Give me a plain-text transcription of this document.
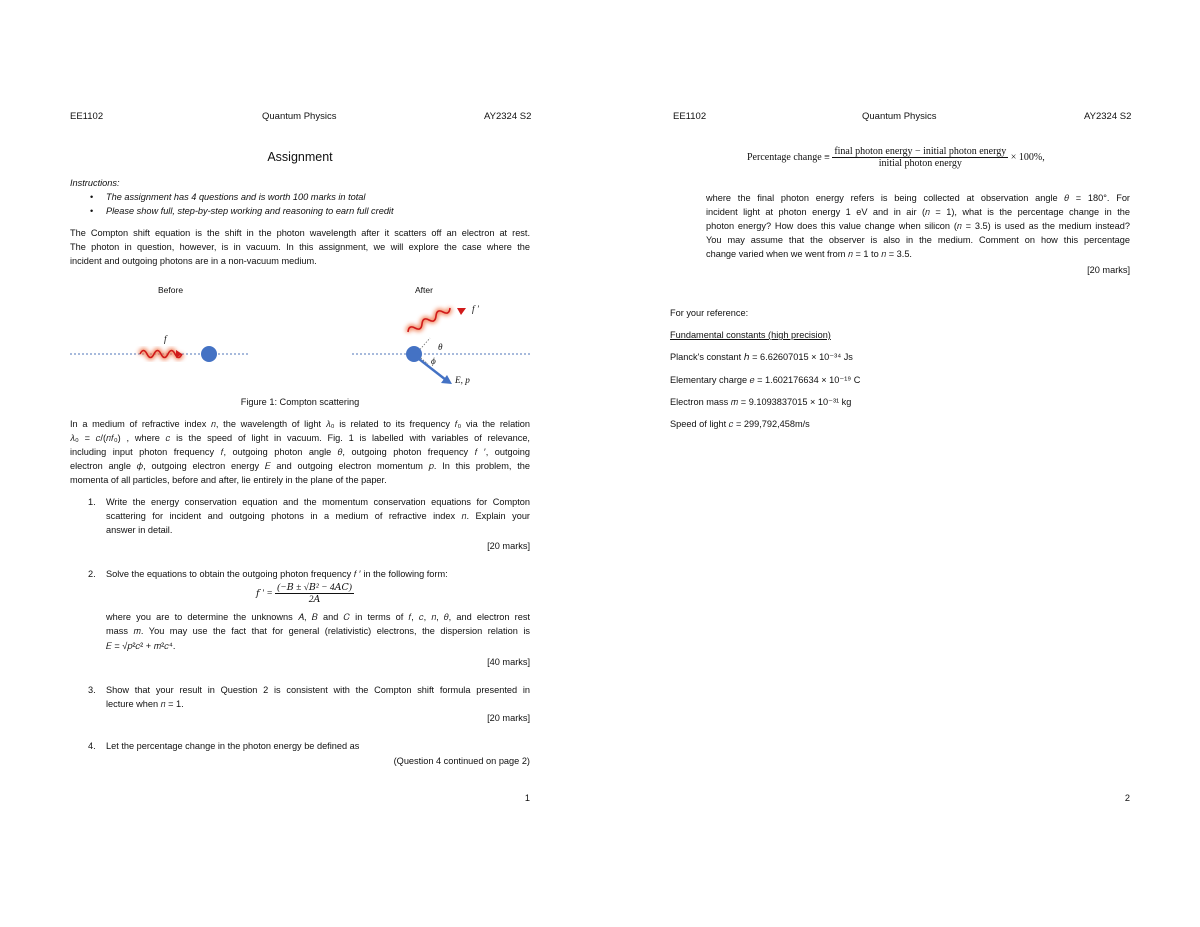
EE1102	Quantum Physics	AY2324 S2
Assignment
Instructions:
• The assignment has 4 questions and is worth 100 marks in total
• Please show full, step-by-step working and reasoning to earn full credit
The Compton shift equation is the shift in the photon wavelength after it scatters off an electron at rest.
The photon in question, however, is in vacuum. In this assignment, we will explore the case where the
incident and outgoing photons are in a non-vacuum medium.
Before	After
f
f ′
θ
ϕ
E, p
Figure 1: Compton scattering
In a medium of refractive index 𝑛, the wavelength of light 𝜆₀ is related to its frequency 𝑓₀ via the relation
𝜆₀ = 𝑐/(𝑛𝑓₀) , where 𝑐 is the speed of light in vacuum. Fig. 1 is labelled with variables of relevance,
including input photon frequency 𝑓, outgoing photon angle 𝜃, outgoing photon frequency 𝑓 ′, outgoing
electron angle 𝜙, outgoing electron energy 𝐸 and outgoing electron momentum 𝑝. In this problem, the
momenta of all particles, before and after, lie entirely in the plane of the paper.
1. Write the energy conservation equation and the momentum conservation equations for Compton
scattering for incident and outgoing photons in a medium of refractive index 𝑛. Explain your
answer in detail.
[20 marks]
2. Solve the equations to obtain the outgoing photon frequency 𝑓 ′ in the following form:
𝑓 ′ = $\frac{\text{(−𝐵 ± √𝐵² − 4𝐴𝐶)}}{\text{2𝐴}}$
where you are to determine the unknowns 𝐴, 𝐵 and 𝐶 in terms of 𝑓, 𝑐, 𝑛, 𝜃, and electron rest
mass 𝑚. You may use the fact that for general (relativistic) electrons, the dispersion relation is
𝐸 = √𝑝²𝑐² + 𝑚²𝑐⁴.
[40 marks]
3. Show that your result in Question 2 is consistent with the Compton shift formula presented in
lecture when 𝑛 = 1.
[20 marks]
4. Let the percentage change in the photon energy be defined as
(Question 4 continued on page 2)
1
EE1102	Quantum Physics	AY2324 S2
Percentage change ≡ $\frac{\text{final photon energy − initial photon energy}}{\text{initial photon energy}} \times 100\%$,
where the final photon energy refers is being collected at observation angle 𝜃 = 180°. For
incident light at photon energy 1 eV and in air (𝑛 = 1), what is the percentage change in the
photon energy? How does this value change when silicon (𝑛 = 3.5) is used as the medium instead?
You may assume that the observer is also in the medium. Comment on how this percentage
change varied when we went from 𝑛 = 1 to 𝑛 = 3.5.
[20 marks]
For your reference:
Fundamental constants (high precision)
Planck's constant ℎ = 6.62607015 × 10⁻³⁴ Js
Elementary charge 𝑒 = 1.602176634 × 10⁻¹⁹ C
Electron mass 𝑚 = 9.1093837015 × 10⁻³¹ kg
Speed of light 𝑐 = 299,792,458m/s
2
